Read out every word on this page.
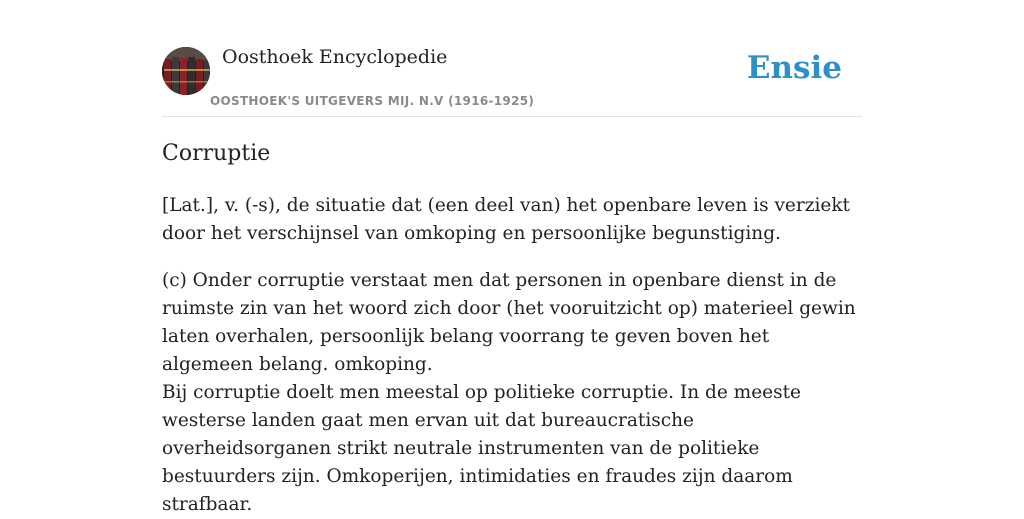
Oosthoek Encyclopedie
OOSTHOEK'S UITGEVERS MIJ. N.V (1916-1925)
Ensie
Corruptie

[Lat.], v. (-s), de situatie dat (een deel van) het openbare leven is verziekt door het verschijnsel van omkoping en persoonlijke begunstiging.

(c) Onder corruptie verstaat men dat personen in openbare dienst in de ruimste zin van het woord zich door (het vooruitzicht op) materieel gewin laten overhalen, persoonlijk belang voorrang te geven boven het algemeen belang. omkoping.

Bij corruptie doelt men meestal op politieke corruptie. In de meeste westerse landen gaat men ervan uit dat bureaucratische overheidsorganen strikt neutrale instrumenten van de politieke bestuurders zijn. Omkoperijen, intimidaties en fraudes zijn daarom strafbaar.
